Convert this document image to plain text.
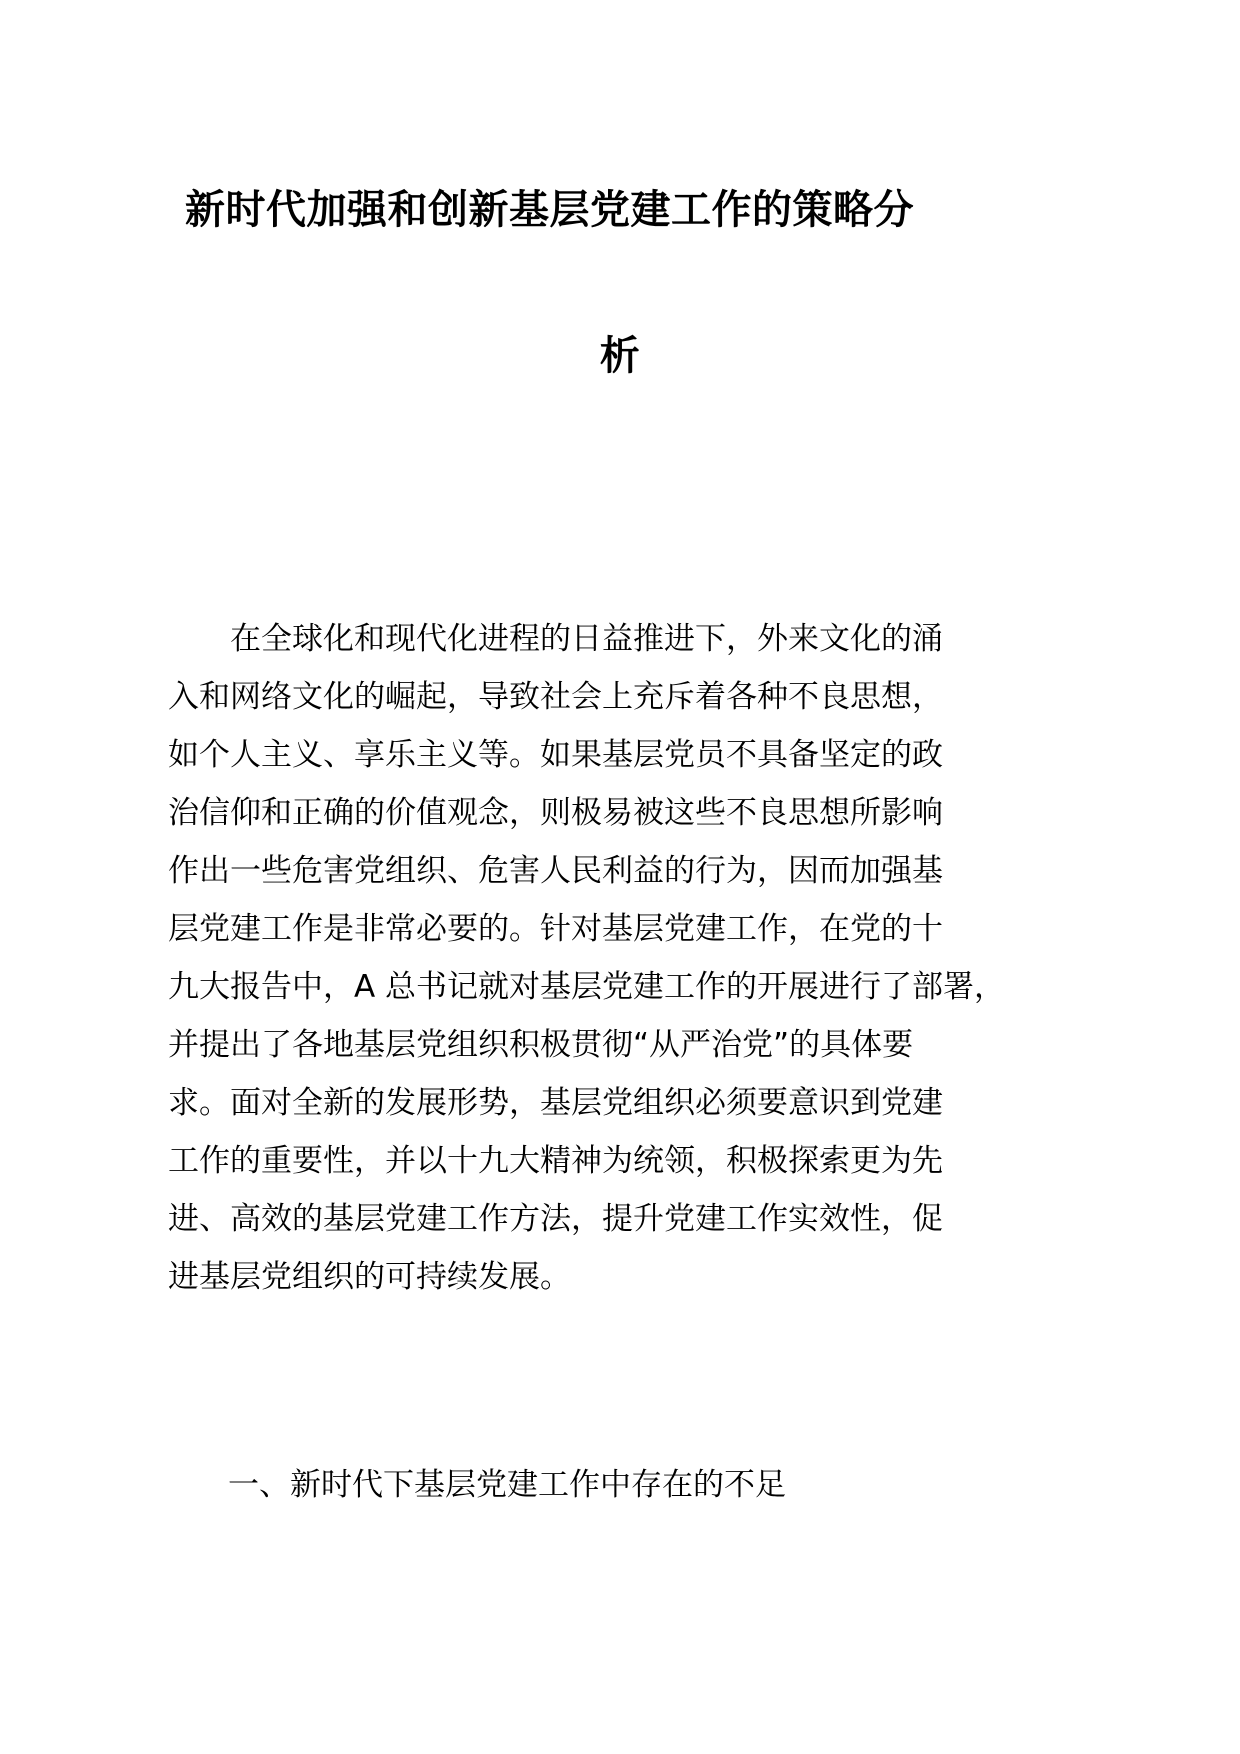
新时代加强和创新基层党建工作的策略分
析

在全球化和现代化进程的日益推进下，外来文化的涌
入和网络文化的崛起，导致社会上充斥着各种不良思想，
如个人主义、享乐主义等。如果基层党员不具备坚定的政
治信仰和正确的价值观念，则极易被这些不良思想所影响
作出一些危害党组织、危害人民利益的行为，因而加强基
层党建工作是非常必要的。针对基层党建工作，在党的十
九大报告中，A 总书记就对基层党建工作的开展进行了部署，
并提出了各地基层党组织积极贯彻“从严治党”的具体要
求。面对全新的发展形势，基层党组织必须要意识到党建
工作的重要性，并以十九大精神为统领，积极探索更为先
进、高效的基层党建工作方法，提升党建工作实效性，促
进基层党组织的可持续发展。

一、新时代下基层党建工作中存在的不足
